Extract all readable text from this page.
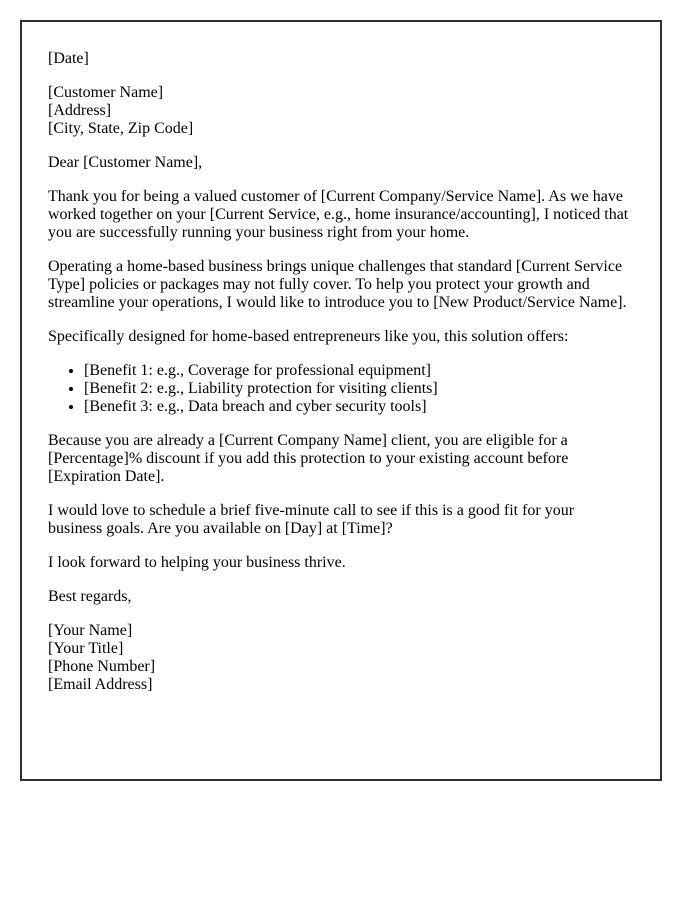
[Date]

[Customer Name]
[Address]
[City, State, Zip Code]

Dear [Customer Name],

Thank you for being a valued customer of [Current Company/Service Name]. As we have worked together on your [Current Service, e.g., home insurance/accounting], I noticed that you are successfully running your business right from your home.

Operating a home-based business brings unique challenges that standard [Current Service Type] policies or packages may not fully cover. To help you protect your growth and streamline your operations, I would like to introduce you to [New Product/Service Name].

Specifically designed for home-based entrepreneurs like you, this solution offers:

• [Benefit 1: e.g., Coverage for professional equipment]
• [Benefit 2: e.g., Liability protection for visiting clients]
• [Benefit 3: e.g., Data breach and cyber security tools]

Because you are already a [Current Company Name] client, you are eligible for a [Percentage]% discount if you add this protection to your existing account before [Expiration Date].

I would love to schedule a brief five-minute call to see if this is a good fit for your business goals. Are you available on [Day] at [Time]?

I look forward to helping your business thrive.

Best regards,

[Your Name]
[Your Title]
[Phone Number]
[Email Address]
